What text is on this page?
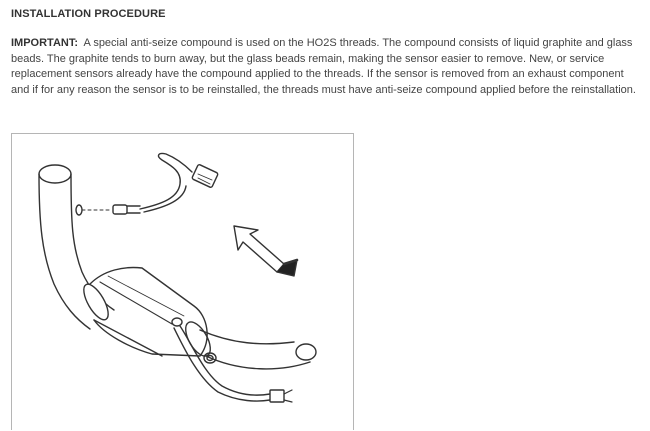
INSTALLATION PROCEDURE

IMPORTANT: A special anti-seize compound is used on the HO2S threads. The compound consists of liquid graphite and glass beads. The graphite tends to burn away, but the glass beads remain, making the sensor easier to remove. New, or service replacement sensors already have the compound applied to the threads. If the sensor is removed from an exhaust component and if for any reason the sensor is to be reinstalled, the threads must have anti-seize compound applied before the reinstallation.
